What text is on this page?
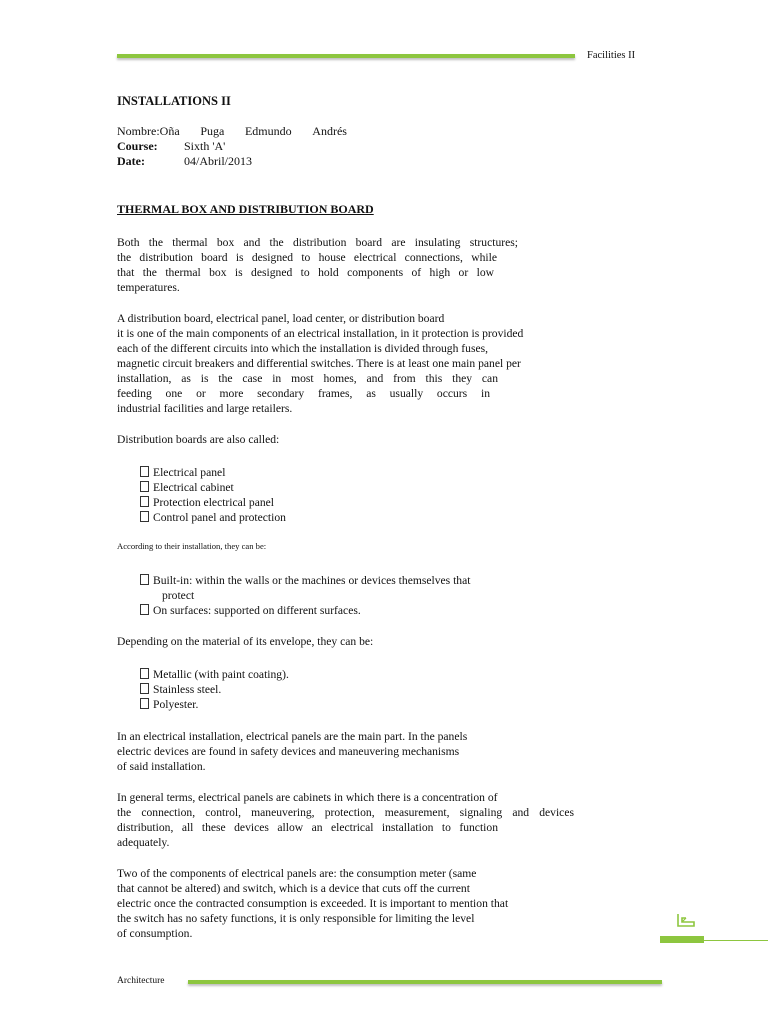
Facilities II
INSTALLATIONS II
Nombre:Oña Puga Edmundo Andrés
Course: Sixth 'A'
Date:	04/Abril/2013
THERMAL BOX AND DISTRIBUTION BOARD
Both the thermal box and the distribution board are insulating structures;
the distribution board is designed to house electrical connections, while
that the thermal box is designed to hold components of high or low
temperatures.
A distribution board, electrical panel, load center, or distribution board
it is one of the main components of an electrical installation, in it protection is provided
each of the different circuits into which the installation is divided through fuses,
magnetic circuit breakers and differential switches. There is at least one main panel per
installation, as is the case in most homes, and from this they can
feeding one or more secondary frames, as usually occurs in
industrial facilities and large retailers.
Distribution boards are also called:
Electrical panel
Electrical cabinet
Protection electrical panel
Control panel and protection
According to their installation, they can be:
Built-in: within the walls or the machines or devices themselves that
protect
On surfaces: supported on different surfaces.
Depending on the material of its envelope, they can be:
Metallic (with paint coating).
Stainless steel.
Polyester.
In an electrical installation, electrical panels are the main part. In the panels
electric devices are found in safety devices and maneuvering mechanisms
of said installation.
In general terms, electrical panels are cabinets in which there is a concentration of
the connection, control, maneuvering, protection, measurement, signaling and devices
distribution, all these devices allow an electrical installation to function
adequately.
Two of the components of electrical panels are: the consumption meter (same
that cannot be altered) and switch, which is a device that cuts off the current
electric once the contracted consumption is exceeded. It is important to mention that
the switch has no safety functions, it is only responsible for limiting the level
of consumption.
Architecture
